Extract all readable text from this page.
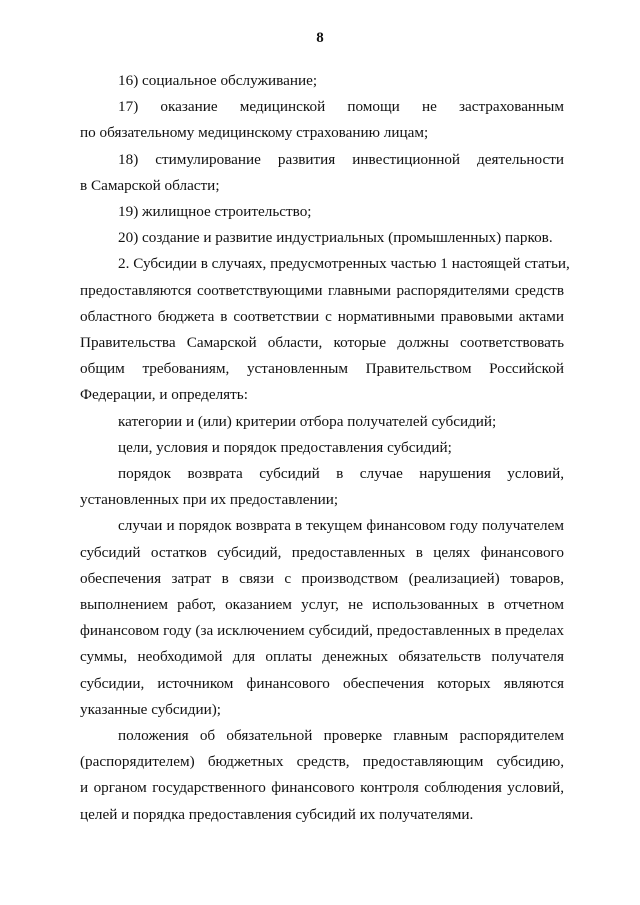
8
16) социальное обслуживание;
17) оказание медицинской помощи не застрахованным
по обязательному медицинскому страхованию лицам;
18) стимулирование развития инвестиционной деятельности
в Самарской области;
19) жилищное строительство;
20) создание и развитие индустриальных (промышленных) парков.
2. Субсидии в случаях, предусмотренных частью 1 настоящей статьи,
предоставляются соответствующими главными распорядителями средств
областного бюджета в соответствии с нормативными правовыми актами
Правительства Самарской области, которые должны соответствовать
общим требованиям, установленным Правительством Российской
Федерации, и определять:
категории и (или) критерии отбора получателей субсидий;
цели, условия и порядок предоставления субсидий;
порядок возврата субсидий в случае нарушения условий,
установленных при их предоставлении;
случаи и порядок возврата в текущем финансовом году получателем
субсидий остатков субсидий, предоставленных в целях финансового
обеспечения затрат в связи с производством (реализацией) товаров,
выполнением работ, оказанием услуг, не использованных в отчетном
финансовом году (за исключением субсидий, предоставленных в пределах
суммы, необходимой для оплаты денежных обязательств получателя
субсидии, источником финансового обеспечения которых являются
указанные субсидии);
положения об обязательной проверке главным распорядителем
(распорядителем) бюджетных средств, предоставляющим субсидию,
и органом государственного финансового контроля соблюдения условий,
целей и порядка предоставления субсидий их получателями.
